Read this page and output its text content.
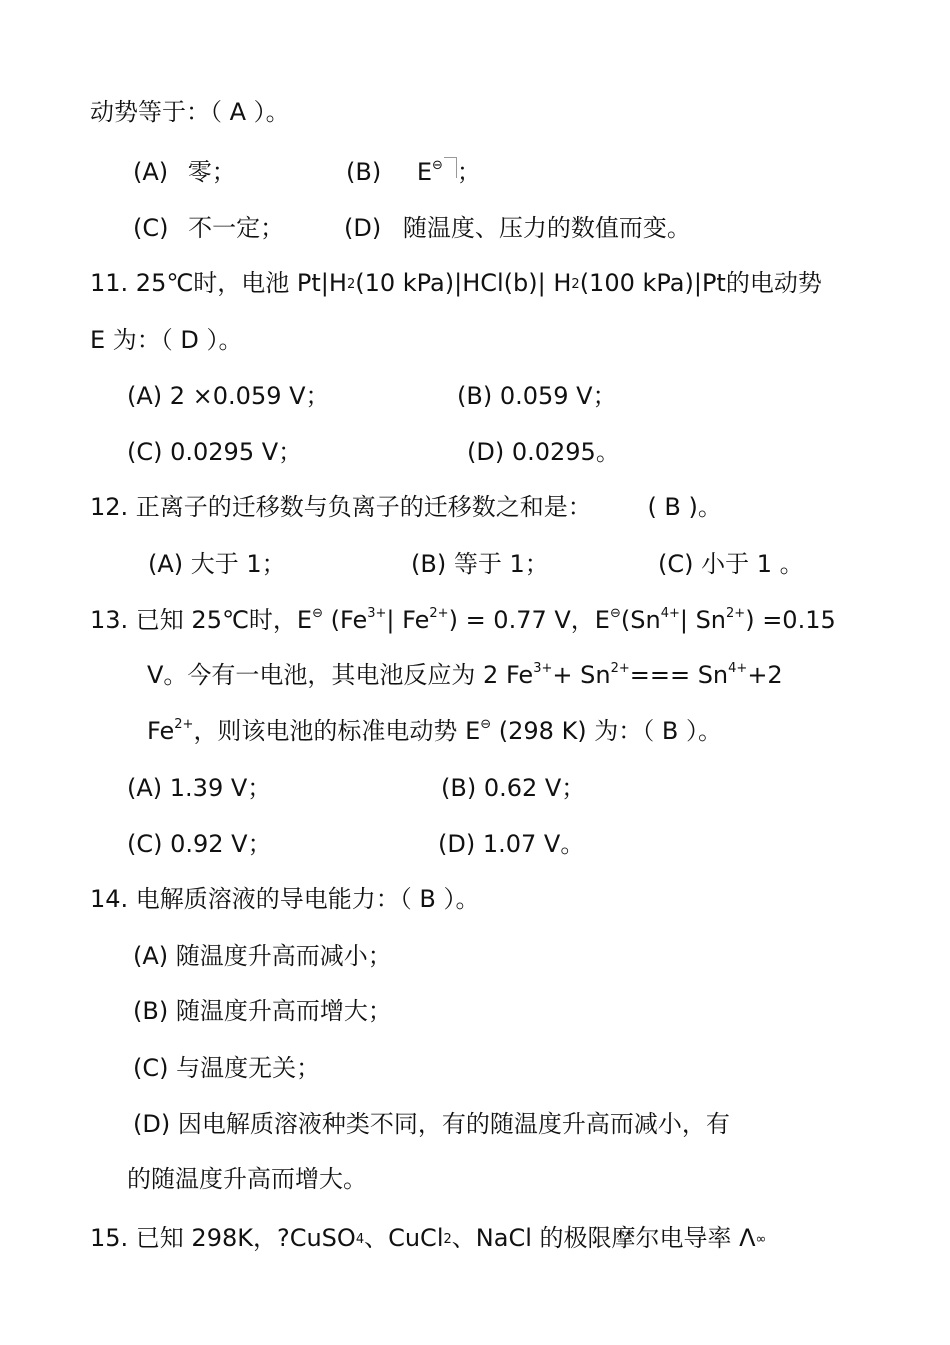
动势等于：（ A ）。
(A) 零；	(B) E⊖ ；
(C) 不一定； (D) 随温度、压力的数值而变。
11. 25℃时，电池 $Pt|H_2(10$ kPa)|HCl(b)| $H_2(100$ kPa)|Pt的电动势
E 为：（ D ）。
(A) 2 ×0.059 V；	(B) 0.059 V；
(C) 0.0295 V；	(D) 0.0295。
12. 正离子的迁移数与负离子的迁移数之和是： ( B )。
(A) 大于 1；	(B) 等于 1；	(C) 小于 1 。
13. 已知 25℃时，E⊖ ($Fe^{3+}|$ $Fe^{2+}) = 0.77$ V，$E^⊖(Sn^{4+}|$ $Sn^{2+}) =0.15$
V。今有一电池，其电池反应为 2 $Fe^{3+}+ Sn^{2+}=== Sn^{4+}+2$
$Fe^{2+}$，则该电池的标准电动势 E⊖ (298 K) 为：（ B ）。
(A) 1.39 V；	(B) 0.62 V；
(C) 0.92 V；	(D) 1.07 V。
14. 电解质溶液的导电能力：（ B ）。
(A) 随温度升高而减小；
(B) 随温度升高而增大；
(C) 与温度无关；
(D) 因电解质溶液种类不同，有的随温度升高而减小，有
的随温度升高而增大。
15. 已知 298K，?CuSO$_4$、CuCl$_2$、NaCl 的极限摩尔电导率 $\Lambda_\infty$
